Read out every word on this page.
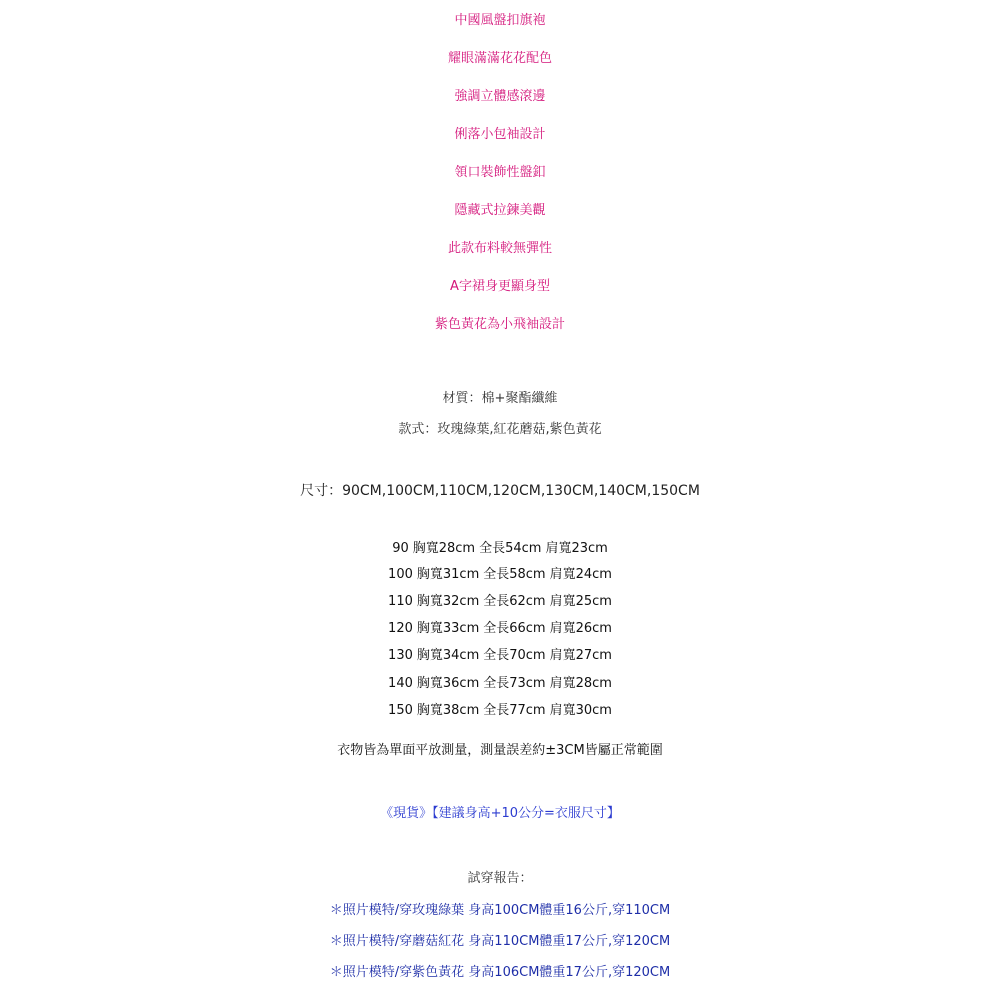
中國風盤扣旗袍
耀眼滿滿花花配色
強調立體感滾邊
俐落小包袖設計
領口裝飾性盤釦
隱藏式拉鍊美觀
此款布料較無彈性
A字裙身更顯身型
紫色黃花為小飛袖設計
材質：棉+聚酯纖維
款式：玫瑰綠葉,紅花蘑菇,紫色黃花
尺寸：90CM,100CM,110CM,120CM,130CM,140CM,150CM
90 胸寬28cm 全長54cm 肩寬23cm
100 胸寬31cm 全長58cm 肩寬24cm
110 胸寬32cm 全長62cm 肩寬25cm
120 胸寬33cm 全長66cm 肩寬26cm
130 胸寬34cm 全長70cm 肩寬27cm
140 胸寬36cm 全長73cm 肩寬28cm
150 胸寬38cm 全長77cm 肩寬30cm
衣物皆為單面平放測量，測量誤差約±3CM皆屬正常範圍
《現貨》【建議身高+10公分=衣服尺寸】
試穿報告：
＊照片模特/穿玫瑰綠葉 身高100CM體重16公斤,穿110CM
＊照片模特/穿蘑菇紅花 身高110CM體重17公斤,穿120CM
＊照片模特/穿紫色黃花 身高106CM體重17公斤,穿120CM
